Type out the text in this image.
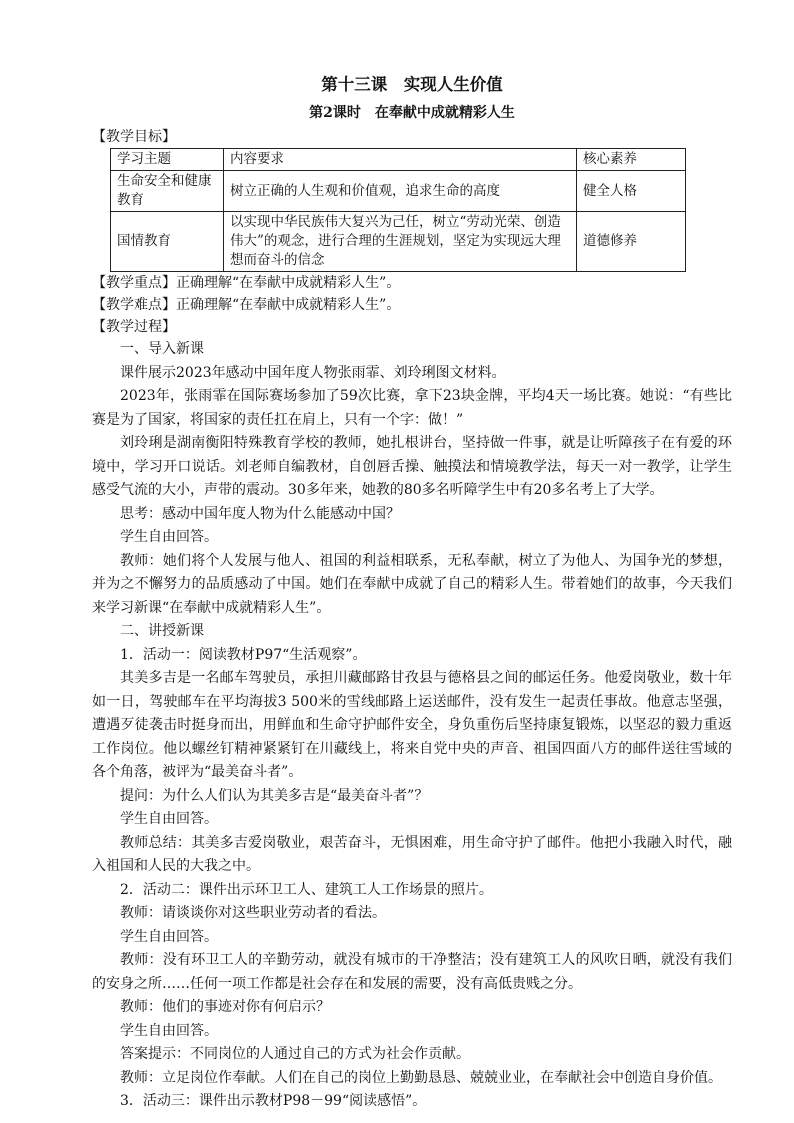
第十三课　实现人生价值
第2课时　在奉献中成就精彩人生
【教学目标】
学习主题	内容要求	核心素养
生命安全和健康教育	树立正确的人生观和价值观，追求生命的高度	健全人格
国情教育	以实现中华民族伟大复兴为己任，树立“劳动光荣、创造伟大”的观念，进行合理的生涯规划，坚定为实现远大理想而奋斗的信念	道德修养
【教学重点】正确理解“在奉献中成就精彩人生”。
【教学难点】正确理解“在奉献中成就精彩人生”。
【教学过程】

一、导入新课

课件展示2023年感动中国年度人物张雨霏、刘玲琍图文材料。

2023年，张雨霏在国际赛场参加了59次比赛，拿下23块金牌，平均4天一场比赛。她说：“有些比赛是为了国家，将国家的责任扛在肩上，只有一个字：做！”

刘玲琍是湖南衡阳特殊教育学校的教师，她扎根讲台，坚持做一件事，就是让听障孩子在有爱的环境中，学习开口说话。刘老师自编教材，自创唇舌操、触摸法和情境教学法，每天一对一教学，让学生感受气流的大小，声带的震动。30多年来，她教的80多名听障学生中有20多名考上了大学。

思考：感动中国年度人物为什么能感动中国？

学生自由回答。

教师：她们将个人发展与他人、祖国的利益相联系，无私奉献，树立了为他人、为国争光的梦想，并为之不懈努力的品质感动了中国。她们在奉献中成就了自己的精彩人生。带着她们的故事，今天我们来学习新课“在奉献中成就精彩人生”。

二、讲授新课

1．活动一：阅读教材P97“生活观察”。

其美多吉是一名邮车驾驶员，承担川藏邮路甘孜县与德格县之间的邮运任务。他爱岗敬业，数十年如一日，驾驶邮车在平均海拔3 500米的雪线邮路上运送邮件，没有发生一起责任事故。他意志坚强，遭遇歹徒袭击时挺身而出，用鲜血和生命守护邮件安全，身负重伤后坚持康复锻炼，以坚忍的毅力重返工作岗位。他以螺丝钉精神紧紧钉在川藏线上，将来自党中央的声音、祖国四面八方的邮件送往雪域的各个角落，被评为“最美奋斗者”。

提问：为什么人们认为其美多吉是“最美奋斗者”？

学生自由回答。

教师总结：其美多吉爱岗敬业，艰苦奋斗，无惧困难，用生命守护了邮件。他把小我融入时代，融入祖国和人民的大我之中。

2．活动二：课件出示环卫工人、建筑工人工作场景的照片。

教师：请谈谈你对这些职业劳动者的看法。

学生自由回答。

教师：没有环卫工人的辛勤劳动，就没有城市的干净整洁；没有建筑工人的风吹日晒，就没有我们的安身之所……任何一项工作都是社会存在和发展的需要，没有高低贵贱之分。

教师：他们的事迹对你有何启示？

学生自由回答。

答案提示：不同岗位的人通过自己的方式为社会作贡献。

教师：立足岗位作奉献。人们在自己的岗位上勤勤恳恳、兢兢业业，在奉献社会中创造自身价值。

3．活动三：课件出示教材P98－99“阅读感悟”。
